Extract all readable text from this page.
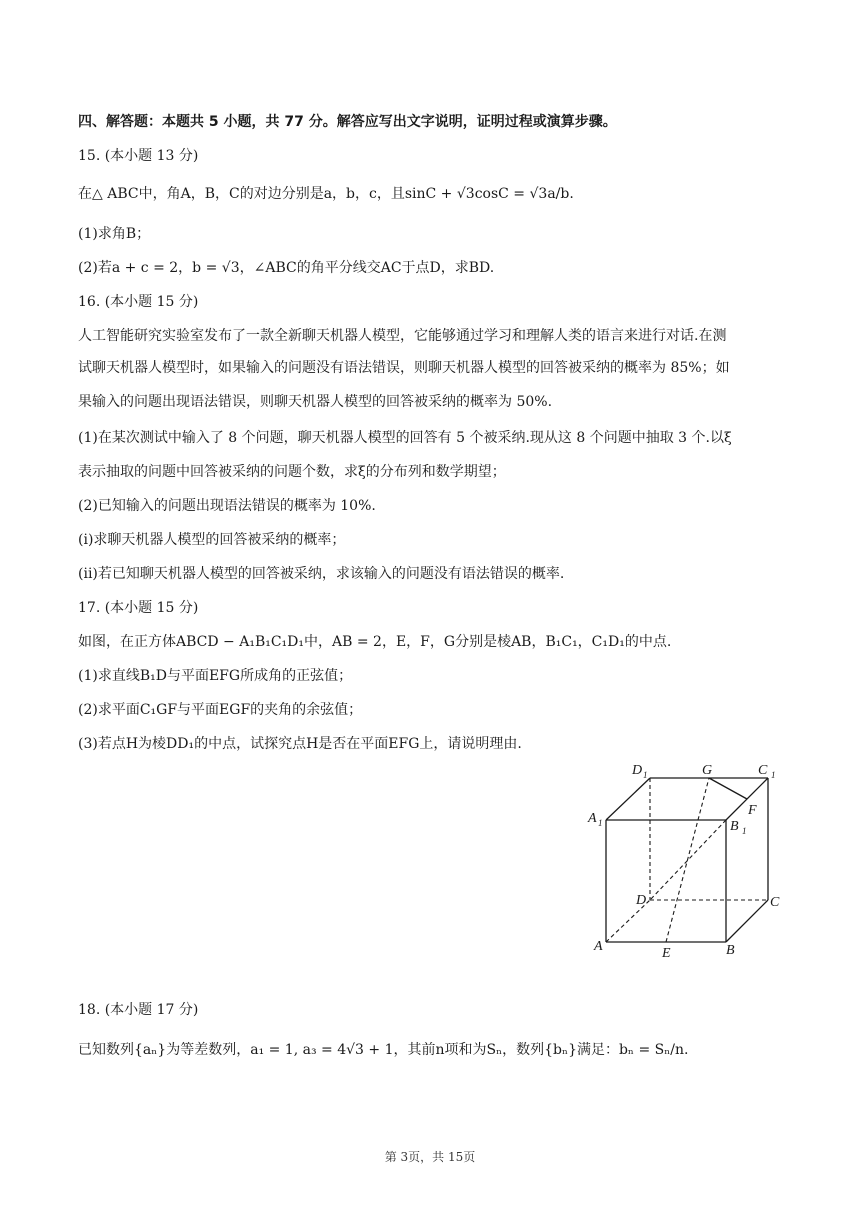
四、解答题：本题共 5 小题，共 77 分。解答应写出文字说明，证明过程或演算步骤。
15. (本小题 13 分)
在△ ABC中，角A，B，C的对边分别是a，b，c，且sinC + √3cosC = √3a/b.
(1)求角B；
(2)若a + c = 2，b = √3，∠ABC的角平分线交AC于点D，求BD.
16. (本小题 15 分)
人工智能研究实验室发布了一款全新聊天机器人模型，它能够通过学习和理解人类的语言来进行对话.在测
试聊天机器人模型时，如果输入的问题没有语法错误，则聊天机器人模型的回答被采纳的概率为 85%；如
果输入的问题出现语法错误，则聊天机器人模型的回答被采纳的概率为 50%.
(1)在某次测试中输入了 8 个问题，聊天机器人模型的回答有 5 个被采纳.现从这 8 个问题中抽取 3 个.以ξ
表示抽取的问题中回答被采纳的问题个数，求ξ的分布列和数学期望；
(2)已知输入的问题出现语法错误的概率为 10%.
(i)求聊天机器人模型的回答被采纳的概率；
(ii)若已知聊天机器人模型的回答被采纳，求该输入的问题没有语法错误的概率.
17. (本小题 15 分)
如图，在正方体ABCD − A₁B₁C₁D₁中，AB = 2，E，F，G分别是棱AB，B₁C₁，C₁D₁的中点.
(1)求直线B₁D与平面EFG所成角的正弦值；
(2)求平面C₁GF与平面EGF的夹角的余弦值；
(3)若点H为棱DD₁的中点，试探究点H是否在平面EFG上，请说明理由.
D 1	G	C 1
A 1	B 1
F
D	C
A	E	B
18. (本小题 17 分)
已知数列{aₙ}为等差数列，a₁ = 1, a₃ = 4√3 + 1，其前n项和为Sₙ，数列{bₙ}满足：bₙ = Sₙ/n.
第 3页，共 15页
